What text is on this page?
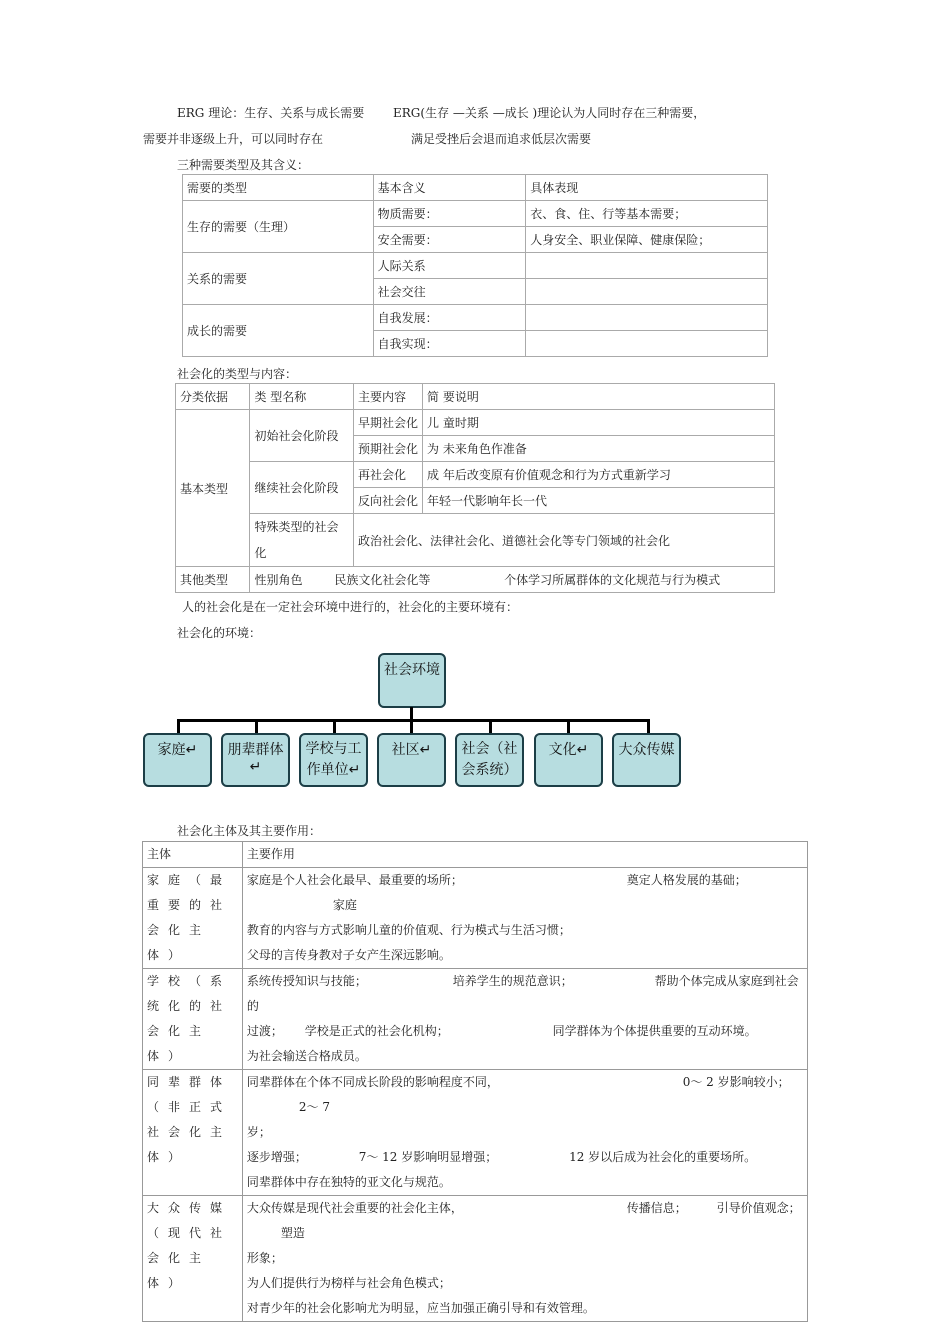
ERG 理论：生存、关系与成长需要 ERG(生存 —关系 —成长 )理论认为人同时存在三种需要，
需要并非逐级上升，可以同时存在	满足受挫后会退而追求低层次需要
三种需要类型及其含义：
需要的类型	基本含义	具体表现
生存的需要（生理）	物质需要：	衣、食、住、行等基本需要；
	安全需要：	人身安全、职业保障、健康保险；
关系的需要	人际关系	
	社会交往	
成长的需要	自我发展：	
	自我实现：	
社会化的类型与内容：
分类依据	类 型名称	主要内容	简 要说明
基本类型	初始社会化阶段	早期社会化	儿 童时期
		预期社会化	为 未来角色作准备
	继续社会化阶段	再社会化	成 年后改变原有价值观念和行为方式重新学习
		反向社会化	年轻一代影响年长一代
	特殊类型的社会化	政治社会化、法律社会化、道德社会化等专门领域的社会化	
其他类型	性别角色 民族文化社会化等 个体学习所属群体的文化规范与行为模式		
人的社会化是在一定社会环境中进行的，社会化的主要环境有：
社会化的环境：
社会环境
家庭↵	朋辈群体↵
学校与工作单位↵
社区↵	社会（社会系统）
文化↵	大众传媒
社会化主体及其主要作用：
主体	主要作用
家庭（最重要的社会化主体）	家庭是个人社会化最早、最重要的场所； 奠定人格发展的基础； 家庭
教育的内容与方式影响儿童的价值观、行为模式与生活习惯；
父母的言传身教对子女产生深远影响。

学校（系统化的社会化主体）	系统传授知识与技能； 培养学生的规范意识； 帮助个体完成从家庭到社会的
过渡； 学校是正式的社会化机构； 同学群体为个体提供重要的互动环境。
为社会输送合格成员。

同辈群体（非正式社会化主体）	同辈群体在个体不同成长阶段的影响程度不同， 0～ 2 岁影响较小； 2～ 7
岁；
逐步增强； 7～ 12 岁影响明显增强； 12 岁以后成为社会化的重要场所。
同辈群体中存在独特的亚文化与规范。

大众传媒（现代社会化主体）	大众传媒是现代社会重要的社会化主体， 传播信息； 引导价值观念； 塑造
形象；
为人们提供行为榜样与社会角色模式；
对青少年的社会化影响尤为明显，应当加强正确引导和有效管理。
